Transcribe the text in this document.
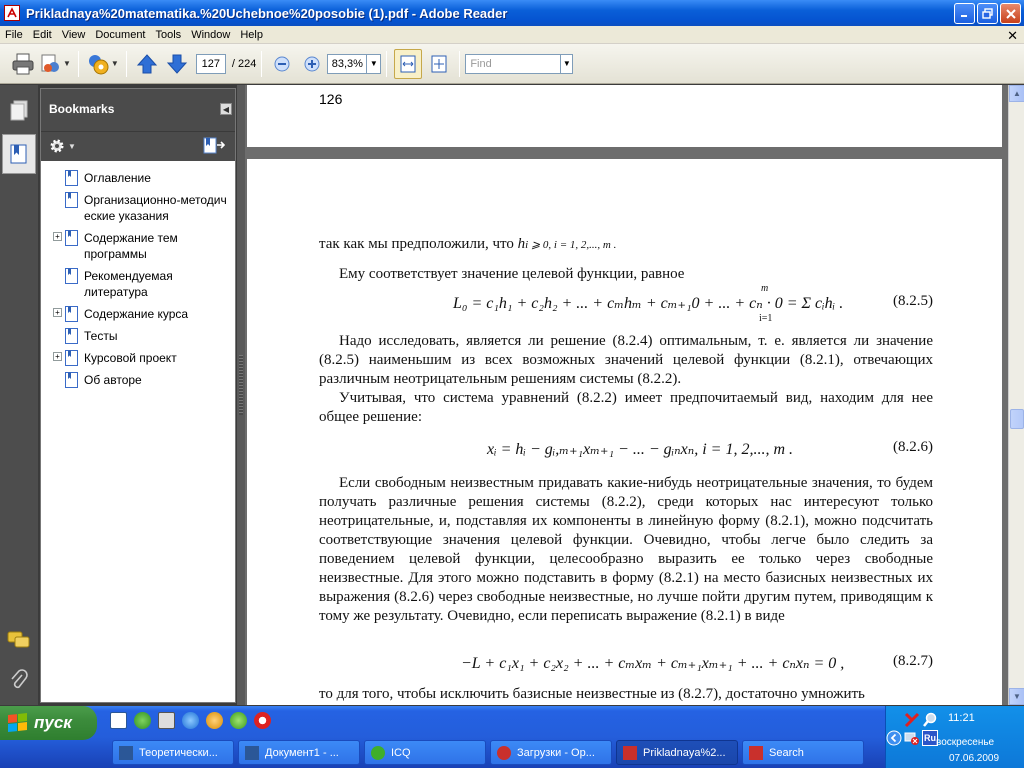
Prikladnaya%20matematika.%20Uchebnoe%20posobie (1).pdf - Adobe Reader
File Edit View Document Tools Window Help	✕
▼	▼	127	/ 224	83,3% ▼	Find	▼
Bookmarks	◀
▼
Оглавление
Организационно-методические указания
+ Содержание тем программы
Рекомендуемая литература
+ Содержание курса
Тесты
+ Курсовой проект
Об авторе
126
так как мы предположили, что hi ⩾ 0, i = 1, 2,..., m .
Ему соответствует значение целевой функции, равное
L₀ = c₁h₁ + c₂h₂ + ... + cₘhₘ + cₘ₊₁0 + ... + cₙ · 0 = Σ cᵢhᵢ .
m
i=1
(8.2.5)
Надо исследовать, является ли решение (8.2.4) оптимальным, т. е. является ли значение (8.2.5) наименьшим из всех возможных значений целевой функции (8.2.1), отвечающих различным неотрицательным решениям системы (8.2.2).
Учитывая, что система уравнений (8.2.2) имеет предпочитаемый вид, находим для нее общее решение:
xᵢ = hᵢ − gᵢ,ₘ₊₁xₘ₊₁ − ... − gᵢₙxₙ, i = 1, 2,..., m .	(8.2.6)
Если свободным неизвестным придавать какие-нибудь неотрицательные значения, то будем получать различные решения системы (8.2.2), среди которых нас интересуют только неотрицательные, и, подставляя их компоненты в линейную форму (8.2.1), можно подсчитать соответствующие значения целевой функции. Очевидно, чтобы легче было следить за поведением целевой функции, целесообразно выразить ее только через свободные неизвестные. Для этого можно подставить в форму (8.2.1) на место базисных неизвестных их выражения (8.2.6) через свободные неизвестные, но лучше пойти другим путем, приводящим к тому же результату. Очевидно, если переписать выражение (8.2.1) в виде
−L + c₁x₁ + c₂x₂ + ... + cₘxₘ + cₘ₊₁xₘ₊₁ + ... + cₙxₙ = 0 ,	(8.2.7)
то для того, чтобы исключить базисные неизвестные из (8.2.7), достаточно умножить
▲
▼
пуск
Теоретически...	Документ1 - ...	ICQ	Загрузки - Ор...	Prikladnaya%2...	Search
Ru
11:21
воскресенье
07.06.2009
